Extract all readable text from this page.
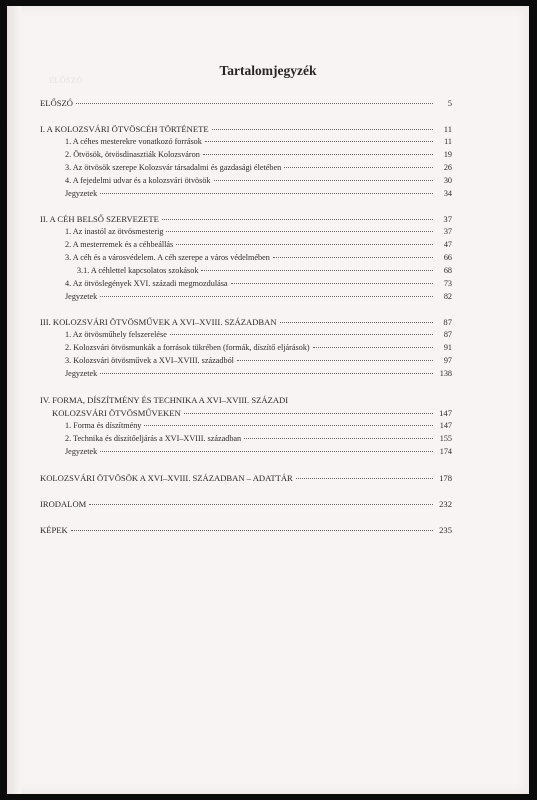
ELŐSZÓ
Tartalomjegyzék
ELŐSZÓ	5
I. A KOLOZSVÁRI ÖTVÖSCÉH TÖRTÉNETE	11
1. A céhes mesterekre vonatkozó források	11
2. Ötvösök, ötvösdinasztiák Kolozsváron	19
3. Az ötvösök szerepe Kolozsvár társadalmi és gazdasági életében	26
4. A fejedelmi udvar és a kolozsvári ötvösök	30
Jegyzetek	34
II. A CÉH BELSŐ SZERVEZETE	37
1. Az inastól az ötvösmesterig	37
2. A mesterremek és a céhbeállás	47
3. A céh és a városvédelem. A céh szerepe a város védelmében	66
3.1. A céhlettel kapcsolatos szokások	68
4. Az ötvöslegények XVI. századi megmozdulása	73
Jegyzetek	82
III. KOLOZSVÁRI ÖTVÖSMŰVEK A XVI–XVIII. SZÁZADBAN	87
1. Az ötvösműhely felszerelése	87
2. Kolozsvári ötvösmunkák a források tükrében (formák, díszítő eljárások)	91
3. Kolozsvári ötvösművek a XVI–XVIII. századból	97
Jegyzetek	138
IV. FORMA, DÍSZÍTMÉNY ÉS TECHNIKA A XVI–XVIII. SZÁZADI
KOLOZSVÁRI ÖTVÖSMŰVEKEN	147
1. Forma és díszítmény	147
2. Technika és díszítőeljárás a XVI–XVIII. században	155
Jegyzetek	174
KOLOZSVÁRI ÖTVÖSÖK A XVI–XVIII. SZÁZADBAN – ADATTÁR	178
IRODALOM	232
KÉPEK	235
